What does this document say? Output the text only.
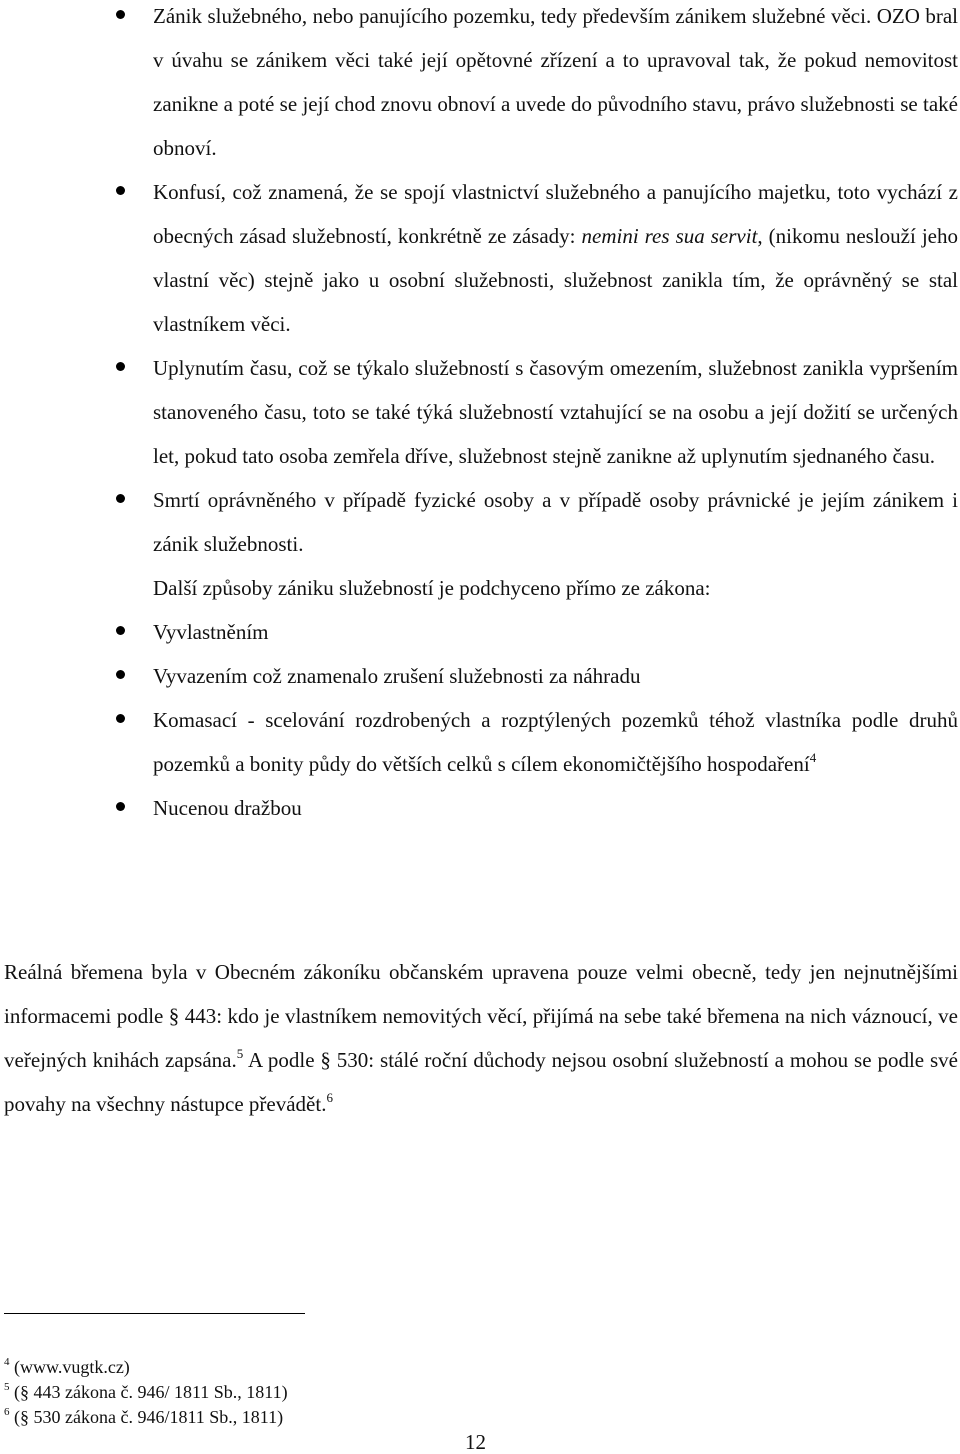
Zánik služebného, nebo panujícího pozemku, tedy především zánikem služebné věci. OZO bral v úvahu se zánikem věci také její opětovné zřízení a to upravoval tak, že pokud nemovitost zanikne a poté se její chod znovu obnoví a uvede do původního stavu, právo služebnosti se také obnoví.
Konfusí, což znamená, že se spojí vlastnictví služebného a panujícího majetku, toto vychází z obecných zásad služebností, konkrétně ze zásady: nemini res sua servit, (nikomu neslouží jeho vlastní věc) stejně jako u osobní služebnosti, služebnost zanikla tím, že oprávněný se stal vlastníkem věci.
Uplynutím času, což se týkalo služebností s časovým omezením, služebnost zanikla vypršením stanoveného času, toto se také týká služebností vztahující se na osobu a její dožití se určených let, pokud tato osoba zemřela dříve, služebnost stejně zanikne až uplynutím sjednaného času.
Smrtí oprávněného v případě fyzické osoby a v případě osoby právnické je jejím zánikem i zánik služebnosti.
Další způsoby zániku služebností je podchyceno přímo ze zákona:
Vyvlastněním
Vyvazením což znamenalo zrušení služebnosti za náhradu
Komasací - scelování rozdrobených a rozptýlených pozemků téhož vlastníka podle druhů pozemků a bonity půdy do větších celků s cílem ekonomičtějšího hospodaření$^4$
Nucenou dražbou

Reálná břemena byla v Obecném zákoníku občanském upravena pouze velmi obecně, tedy jen nejnutnějšími informacemi podle § 443: kdo je vlastníkem nemovitých věcí, přijímá na sebe také břemena na nich váznoucí, ve veřejných knihách zapsána.$^5$ A podle § 530: stálé roční důchody nejsou osobní služebností a mohou se podle své povahy na všechny nástupce převádět.$^6$

$^4$ (www.vugtk.cz)
$^5$ (§ 443 zákona č. 946/ 1811 Sb., 1811)
$^6$ (§ 530 zákona č. 946/1811 Sb., 1811)
12
